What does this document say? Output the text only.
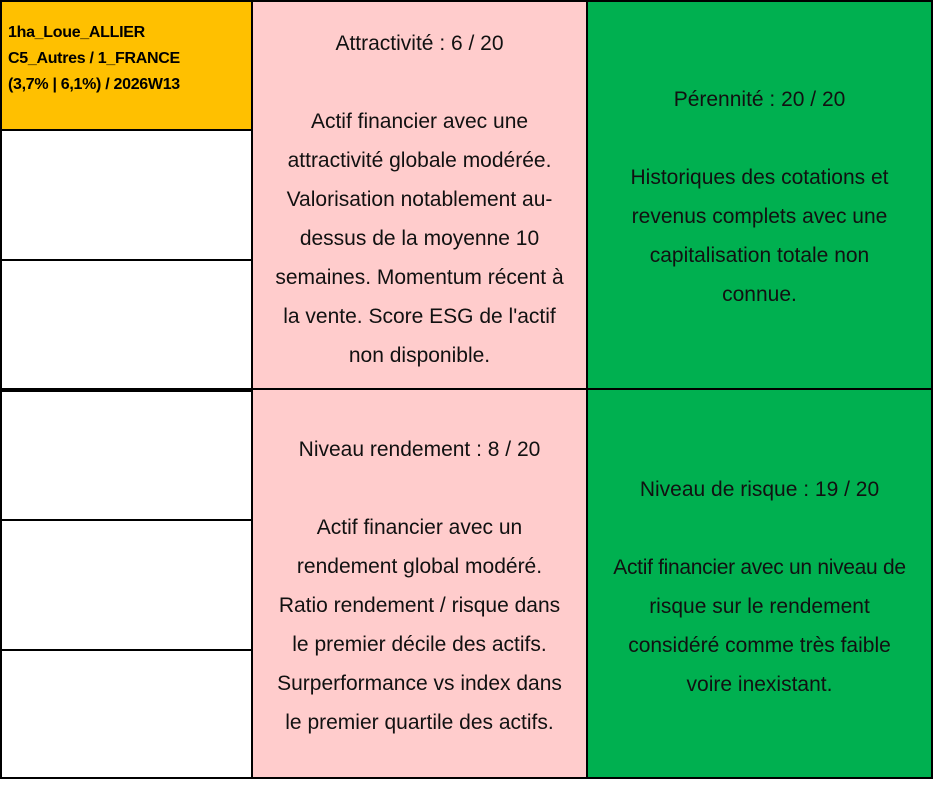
1ha_Loue_ALLIER
C5_Autres / 1_FRANCE
(3,7% | 6,1%) / 2026W13
Attractivité : 6 / 20
Actif financier avec une
attractivité globale modérée.
Valorisation notablement au-
dessus de la moyenne 10
semaines. Momentum récent à
la vente. Score ESG de l'actif
non disponible.
Pérennité : 20 / 20
Historiques des cotations et
revenus complets avec une
capitalisation totale non
connue.
Niveau rendement : 8 / 20
Actif financier avec un
rendement global modéré.
Ratio rendement / risque dans
le premier décile des actifs.
Surperformance vs index dans
le premier quartile des actifs.
Niveau de risque : 19 / 20
Actif financier avec un niveau de
risque sur le rendement
considéré comme très faible
voire inexistant.
